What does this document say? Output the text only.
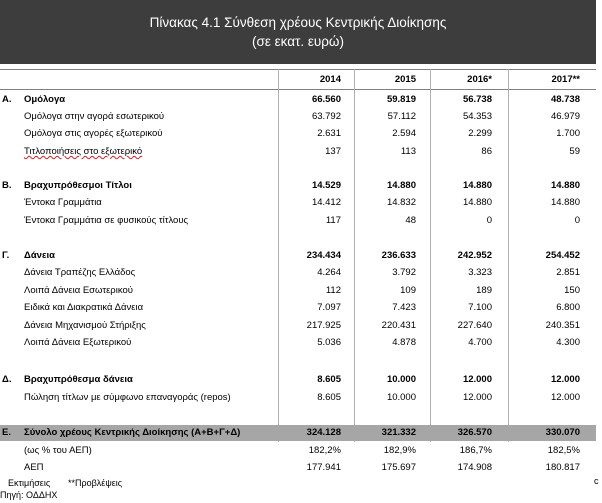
Πίνακας 4.1 Σύνθεση χρέους Κεντρικής Διοίκησης
(σε εκατ. ευρώ)
2014	2015	2016*	2017**
A. Ομόλογα	66.560	59.819	56.738	48.738
Ομόλογα στην αγορά εσωτερικού	63.792	57.112	54.353	46.979
Ομόλογα στις αγορές εξωτερικού	2.631	2.594	2.299	1.700
Τιτλοποιήσεις στο εξωτερικό	137	113	86	59
B. Βραχυπρόθεσμοι Τίτλοι	14.529	14.880	14.880	14.880
Έντοκα Γραμμάτια	14.412	14.832	14.880	14.880
Έντοκα Γραμμάτια σε φυσικούς τίτλους	117	48	0	0
Γ. Δάνεια	234.434	236.633	242.952	254.452
Δάνεια Τραπέζης Ελλάδος	4.264	3.792	3.323	2.851
Λοιπά Δάνεια Εσωτερικού	112	109	189	150
Ειδικά και Διακρατικά Δάνεια	7.097	7.423	7.100	6.800
Δάνεια Μηχανισμού Στήριξης	217.925	220.431	227.640	240.351
Λοιπά Δάνεια Εξωτερικού	5.036	4.878	4.700	4.300
Δ. Βραχυπρόθεσμα δάνεια	8.605	10.000	12.000	12.000
Πώληση τίτλων με σύμφωνο επαναγοράς (repos)	8.605	10.000	12.000	12.000
E. Σύνολο χρέους Κεντρικής Διοίκησης (Α+Β+Γ+Δ)	324.128	321.332	326.570	330.070
(ως % του ΑΕΠ)	182,2%	182,9%	186,7%	182,5%
ΑΕΠ	177.941	175.697	174.908	180.817
Εκτιμήσεις **Προβλέψεις
Πηγή: ΟΔΔΗΧ
c
